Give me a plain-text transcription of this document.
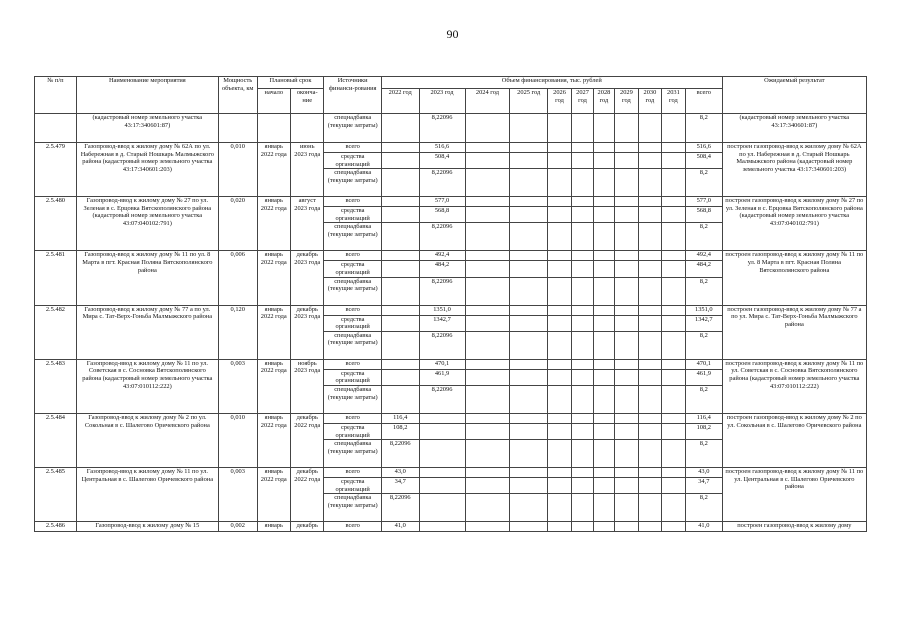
90
№ п/п	Наименование мероприятия	Мощность объекта, км	Плановый срок		Источники финанси-рования	Объем финансирования, тыс. рублей											Ожидаемый результат
			начало	оконча-ние		2022 год	2023 год	2024 год	2025 год	2026 год	2027 год	2028 год	2029 год	2030 год	2031 год	всего	

	(кадастровый номер земельного участка 43:17:340601:87)				спецнадбавка (текущие затраты)		8,22096									8,2	(кадастровый номер земельного участка 43:17:340601:87)
2.5.479	Газопровод-ввод к жилому дому № 62А по ул. Набережная в д. Старый Ношкарь Малмыжского района (кадастровый номер земельного участка 43:17:340601:203)	0,010	январь 2022 года	июнь 2023 года	всего		516,6									516,6	построен газопровод-ввод к жилому дому № 62А по ул. Набережная в д. Старый Ношкарь Малмыжского района (кадастровый номер земельного участка 43:17:340601:203)
					средства организаций		508,4									508,4	
					спецнадбавка (текущие затраты)		8,22096									8,2	
2.5.480	Газопровод-ввод к жилому дому № 27 по ул. Зеленая в с. Ерцовка Вятскополянского района (кадастровый номер земельного участка 43:07:040102:791)	0,020	январь 2022 года	август 2023 года	всего		577,0									577,0	построен газопровод-ввод к жилому дому № 27 по ул. Зеленая в с. Ерцовка Вятскополянского района (кадастровый номер земельного участка 43:07:040102:791)
					средства организаций		568,8									568,8	
					спецнадбавка (текущие затраты)		8,22096									8,2	
2.5.481	Газопровод-ввод к жилому дому № 11 по ул. 8 Марта в пгт. Красная Поляна Вятскополянского района	0,006	январь 2022 года	декабрь 2023 года	всего		492,4									492,4	построен газопровод-ввод к жилому дому № 11 по ул. 8 Марта в пгт. Красная Поляна Вятскополянского района
					средства организаций		484,2									484,2	
					спецнадбавка (текущие затраты)		8,22096									8,2	
2.5.482	Газопровод-ввод к жилому дому № 77 а по ул. Мира с. Тат-Верх-Гоньба Малмыжского района	0,120	январь 2022 года	декабрь 2023 года	всего		1351,0									1351,0	построен газопровод-ввод к жилому дому № 77 а по ул. Мира с. Тат-Верх-Гоньба Малмыжского района
					средства организаций		1342,7									1342,7	
					спецнадбавка (текущие затраты)		8,22096									8,2	
2.5.483	Газопровод-ввод к жилому дому № 11 по ул. Советская в с. Сосновка Вятскополянского района (кадастровый номер земельного участка 43:07:010112:222)	0,003	январь 2022 года	ноябрь 2023 года	всего		470,1									470,1	построен газопровод-ввод к жилому дому № 11 по ул. Советская в с. Сосновка Вятскополянского района (кадастровый номер земельного участка 43:07:010112:222)
					средства организаций		461,9									461,9	
					спецнадбавка (текущие затраты)		8,22096									8,2	
2.5.484	Газопровод-ввод к жилому дому № 2 по ул. Сокольная в с. Шалегово Оричевского района	0,010	январь 2022 года	декабрь 2022 года	всего	116,4										116,4	построен газопровод-ввод к жилому дому № 2 по ул. Сокольная в с. Шалегово Оричевского района
					средства организаций	108,2										108,2	
					спецнадбавка (текущие затраты)	8,22096										8,2	
2.5.485	Газопровод-ввод к жилому дому № 11 по ул. Центральная в с. Шалегово Оричевского района	0,003	январь 2022 года	декабрь 2022 года	всего	43,0										43,0	построен газопровод-ввод к жилому дому № 11 по ул. Центральная в с. Шалегово Оричевского района
					средства организаций	34,7										34,7	
					спецнадбавка (текущие затраты)	8,22096										8,2	
2.5.486	Газопровод-ввод к жилому дому № 15	0,002	январь	декабрь	всего	41,0										41,0	построен газопровод-ввод к жилому дому
